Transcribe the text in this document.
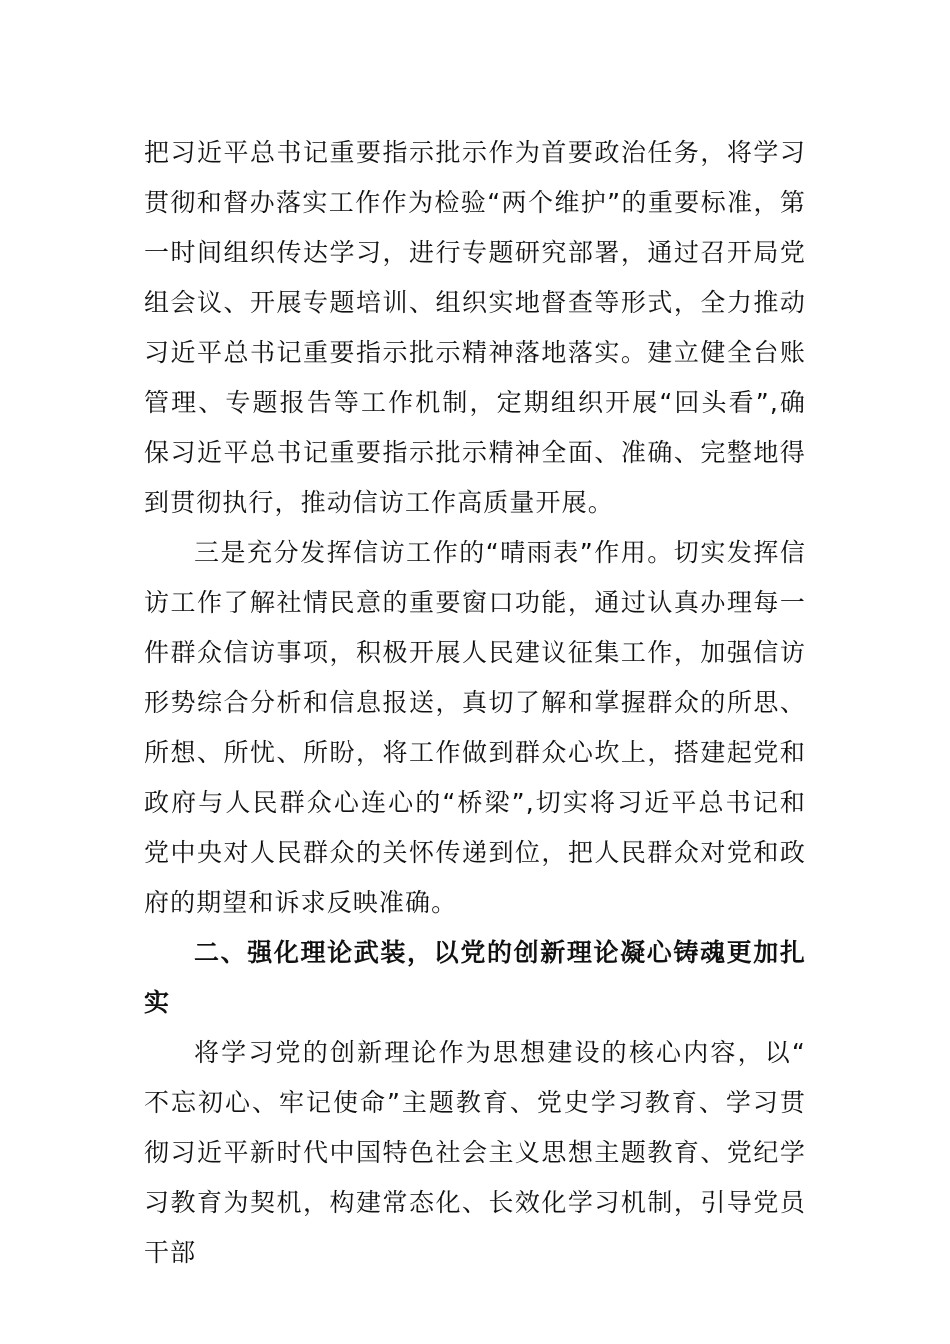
把习近平总书记重要指示批示作为首要政治任务，将学习贯彻和督办落实工作作为检验“两个维护”的重要标准，第一时间组织传达学习，进行专题研究部署，通过召开局党组会议、开展专题培训、组织实地督查等形式，全力推动习近平总书记重要指示批示精神落地落实。建立健全台账管理、专题报告等工作机制，定期组织开展“回头看”,确保习近平总书记重要指示批示精神全面、准确、完整地得到贯彻执行，推动信访工作高质量开展。

三是充分发挥信访工作的“晴雨表”作用。切实发挥信访工作了解社情民意的重要窗口功能，通过认真办理每一件群众信访事项，积极开展人民建议征集工作，加强信访形势综合分析和信息报送，真切了解和掌握群众的所思、所想、所忧、所盼，将工作做到群众心坎上，搭建起党和政府与人民群众心连心的“桥梁”,切实将习近平总书记和党中央对人民群众的关怀传递到位，把人民群众对党和政府的期望和诉求反映准确。

二、强化理论武装，以党的创新理论凝心铸魂更加扎实

将学习党的创新理论作为思想建设的核心内容，以“不忘初心、牢记使命”主题教育、党史学习教育、学习贯彻习近平新时代中国特色社会主义思想主题教育、党纪学习教育为契机，构建常态化、长效化学习机制，引导党员干部
